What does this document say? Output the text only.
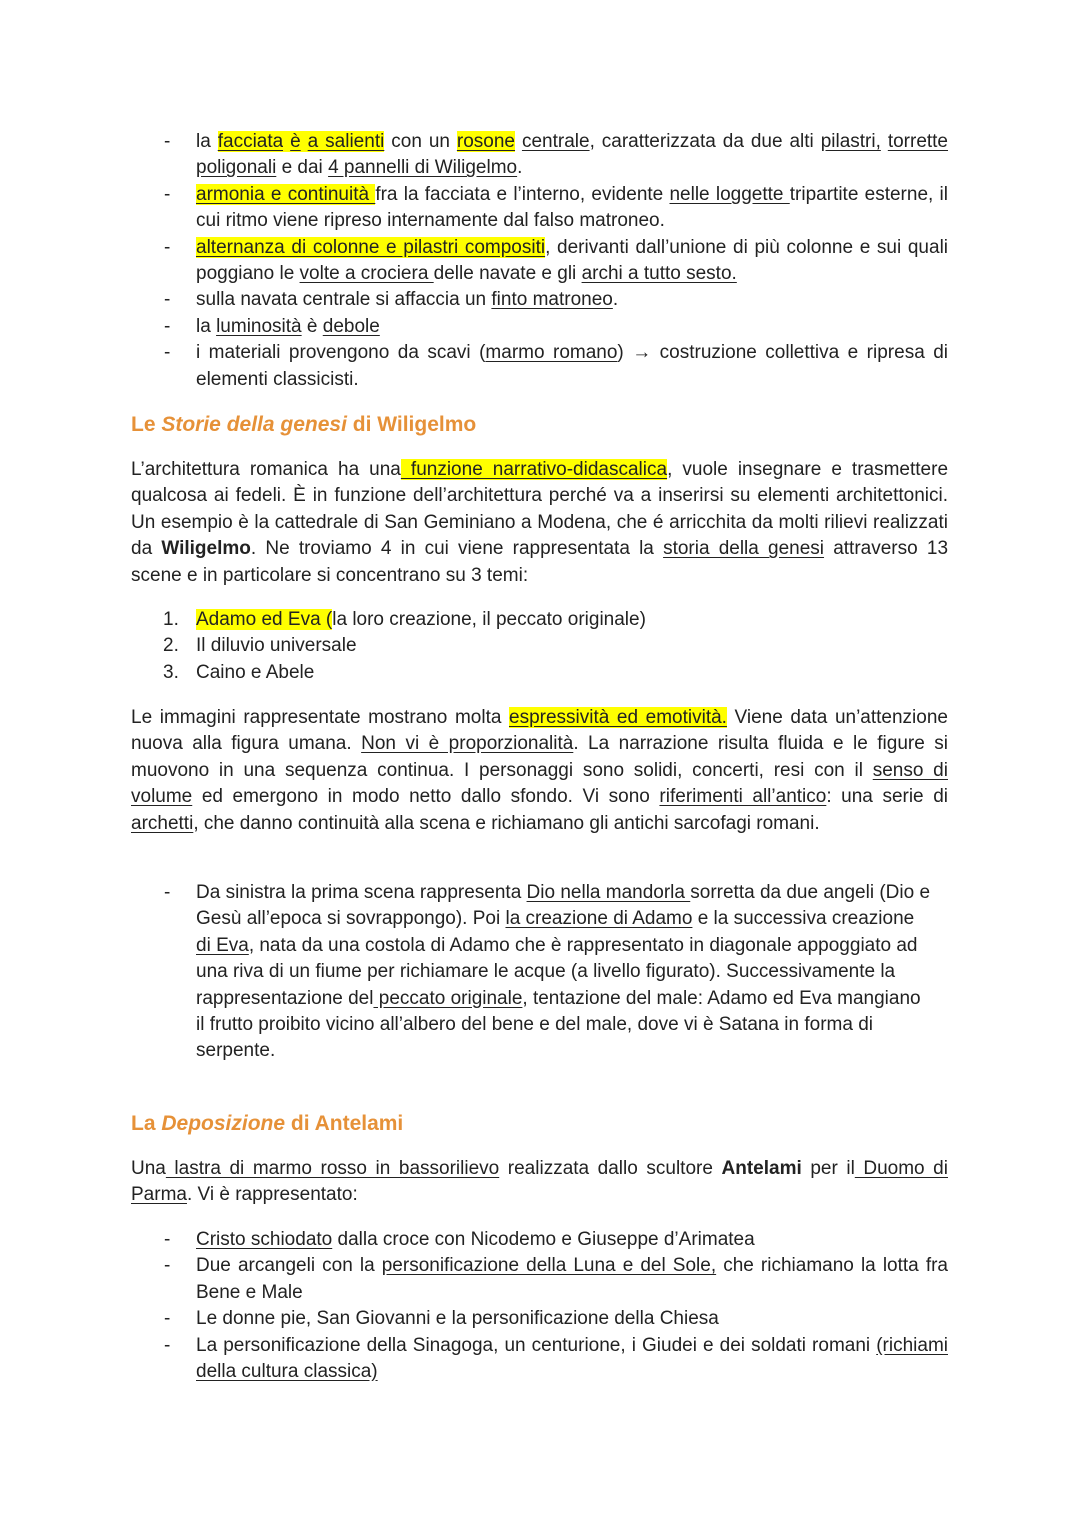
- la facciata è a salienti con un rosone centrale, caratterizzata da due alti pilastri, torrette poligonali e dai 4 pannelli di Wiligelmo.
- armonia e continuità fra la facciata e l’interno, evidente nelle loggette tripartite esterne, il cui ritmo viene ripreso internamente dal falso matroneo.
- alternanza di colonne e pilastri compositi, derivanti dall’unione di più colonne e sui quali poggiano le volte a crociera delle navate e gli archi a tutto sesto.
- sulla navata centrale si affaccia un finto matroneo.
- la luminosità è debole
- i materiali provengono da scavi (marmo romano) → costruzione collettiva e ripresa di elementi classicisti.
Le Storie della genesi di Wiligelmo

L’architettura romanica ha una funzione narrativo-didascalica, vuole insegnare e trasmettere qualcosa ai fedeli. È in funzione dell’architettura perché va a inserirsi su elementi architettonici. Un esempio è la cattedrale di San Geminiano a Modena, che é arricchita da molti rilievi realizzati da Wiligelmo. Ne troviamo 4 in cui viene rappresentata la storia della genesi attraverso 13 scene e in particolare si concentrano su 3 temi:

1. Adamo ed Eva (la loro creazione, il peccato originale)
2. Il diluvio universale
3. Caino e Abele

Le immagini rappresentate mostrano molta espressività ed emotività. Viene data un’attenzione nuova alla figura umana. Non vi è proporzionalità. La narrazione risulta fluida e le figure si muovono in una sequenza continua. I personaggi sono solidi, concerti, resi con il senso di volume ed emergono in modo netto dallo sfondo. Vi sono riferimenti all’antico: una serie di archetti, che danno continuità alla scena e richiamano gli antichi sarcofagi romani.

- Da sinistra la prima scena rappresenta Dio nella mandorla sorretta da due angeli (Dio e Gesù all’epoca si sovrappongo). Poi la creazione di Adamo e la successiva creazione di Eva, nata da una costola di Adamo che è rappresentato in diagonale appoggiato ad una riva di un fiume per richiamare le acque (a livello figurato). Successivamente la rappresentazione del peccato originale, tentazione del male: Adamo ed Eva mangiano il frutto proibito vicino all’albero del bene e del male, dove vi è Satana in forma di serpente.
La Deposizione di Antelami

Una lastra di marmo rosso in bassorilievo realizzata dallo scultore Antelami per il Duomo di Parma. Vi è rappresentato:

- Cristo schiodato dalla croce con Nicodemo e Giuseppe d’Arimatea
- Due arcangeli con la personificazione della Luna e del Sole, che richiamano la lotta fra Bene e Male
- Le donne pie, San Giovanni e la personificazione della Chiesa
- La personificazione della Sinagoga, un centurione, i Giudei e dei soldati romani (richiami della cultura classica)
